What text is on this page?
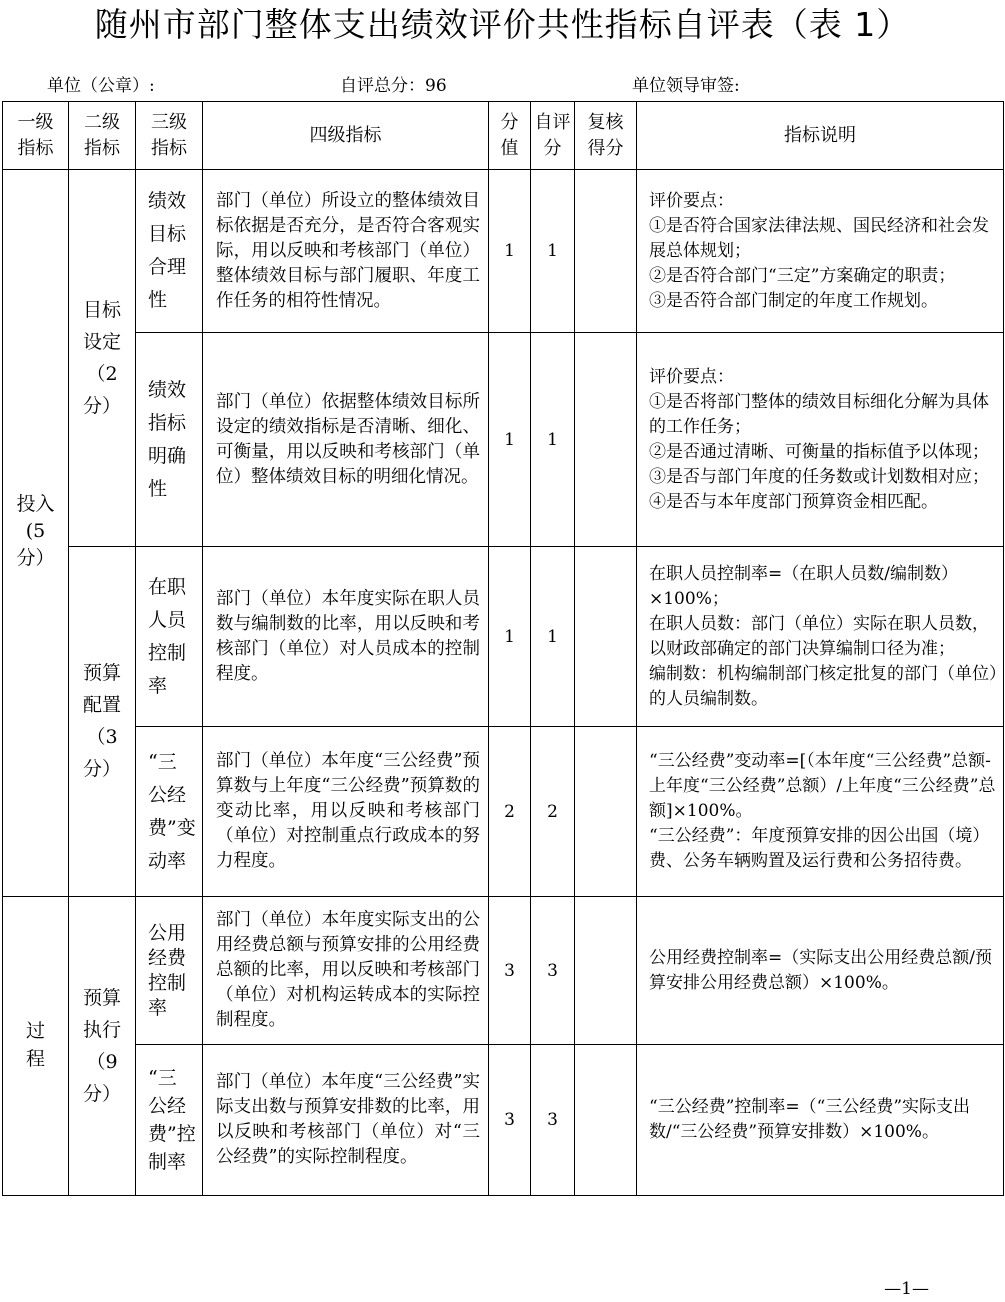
随州市部门整体支出绩效评价共性指标自评表（表 1）
单位（公章）:	自评总分：96	单位领导审签:
一级指标	二级指标	三级指标	四级指标	分值	自评分	复核得分	指标说明
投入(5分）	目标设定（2分）	绩效目标合理性	部门（单位）所设立的整体绩效目标依据是否充分，是否符合客观实际，用以反映和考核部门（单位）整体绩效目标与部门履职、年度工作任务的相符性情况。	1	1		评价要点：
①是否符合国家法律法规、国民经济和社会发展总体规划；
②是否符合部门“三定”方案确定的职责；
③是否符合部门制定的年度工作规划。

		绩效指标明确性	部门（单位）依据整体绩效目标所设定的绩效指标是否清晰、细化、可衡量，用以反映和考核部门（单位）整体绩效目标的明细化情况。	1	1		评价要点：
①是否将部门整体的绩效目标细化分解为具体的工作任务；
②是否通过清晰、可衡量的指标值予以体现；
③是否与部门年度的任务数或计划数相对应；
④是否与本年度部门预算资金相匹配。

	预算配置（3分）	在职人员控制率	部门（单位）本年度实际在职人员数与编制数的比率，用以反映和考核部门（单位）对人员成本的控制程度。	1	1		在职人员控制率=（在职人员数/编制数）×100%；
在职人员数：部门（单位）实际在职人员数，以财政部确定的部门决算编制口径为准；
编制数：机构编制部门核定批复的部门（单位）的人员编制数。

		“三公经费”变动率	部门（单位）本年度“三公经费”预算数与上年度“三公经费”预算数的变动比率，用以反映和考核部门（单位）对控制重点行政成本的努力程度。	2	2		“三公经费”变动率=[（本年度“三公经费”总额-上年度“三公经费”总额）/上年度“三公经费”总额]×100%。
“三公经费”：年度预算安排的因公出国（境）费、公务车辆购置及运行费和公务招待费。

过程	预算执行（9分）	公用经费控制率	部门（单位）本年度实际支出的公用经费总额与预算安排的公用经费总额的比率，用以反映和考核部门（单位）对机构运转成本的实际控制程度。	3	3		公用经费控制率=（实际支出公用经费总额/预算安排公用经费总额）×100%。

		“三公经费”控制率	部门（单位）本年度“三公经费”实际支出数与预算安排数的比率，用以反映和考核部门（单位）对“三公经费”的实际控制程度。	3	3		“三公经费”控制率=（“三公经费”实际支出数/“三公经费”预算安排数）×100%。
—1—
